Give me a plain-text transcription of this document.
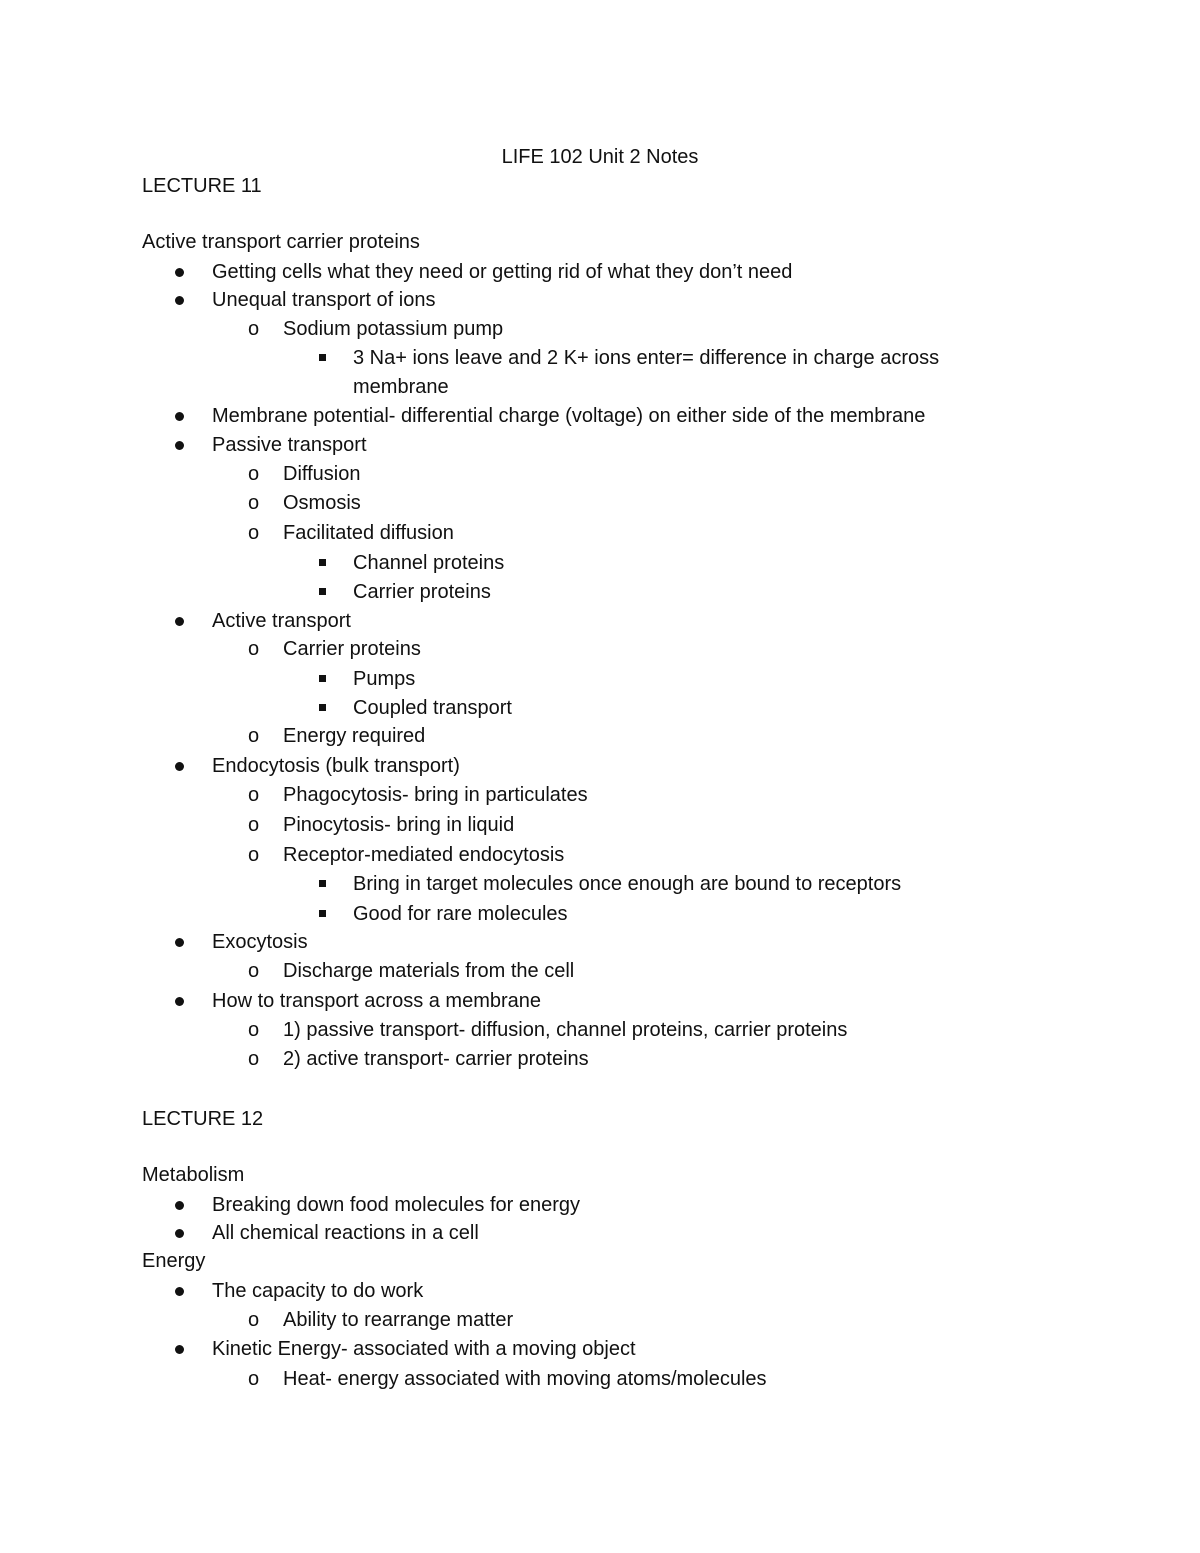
LIFE 102 Unit 2 Notes
LECTURE 11
Active transport carrier proteins
Getting cells what they need or getting rid of what they don’t need
Unequal transport of ions
o Sodium potassium pump
3 Na+ ions leave and 2 K+ ions enter= difference in charge across
membrane
Membrane potential- differential charge (voltage) on either side of the membrane
Passive transport
o Diffusion
o Osmosis
o Facilitated diffusion
Channel proteins
Carrier proteins
Active transport
o Carrier proteins
Pumps
Coupled transport
o Energy required
Endocytosis (bulk transport)
o Phagocytosis- bring in particulates
o Pinocytosis- bring in liquid
o Receptor-mediated endocytosis
Bring in target molecules once enough are bound to receptors
Good for rare molecules
Exocytosis
o Discharge materials from the cell
How to transport across a membrane
o 1) passive transport- diffusion, channel proteins, carrier proteins
o 2) active transport- carrier proteins
LECTURE 12
Metabolism
Breaking down food molecules for energy
All chemical reactions in a cell
Energy
The capacity to do work
o Ability to rearrange matter
Kinetic Energy- associated with a moving object
o Heat- energy associated with moving atoms/molecules
